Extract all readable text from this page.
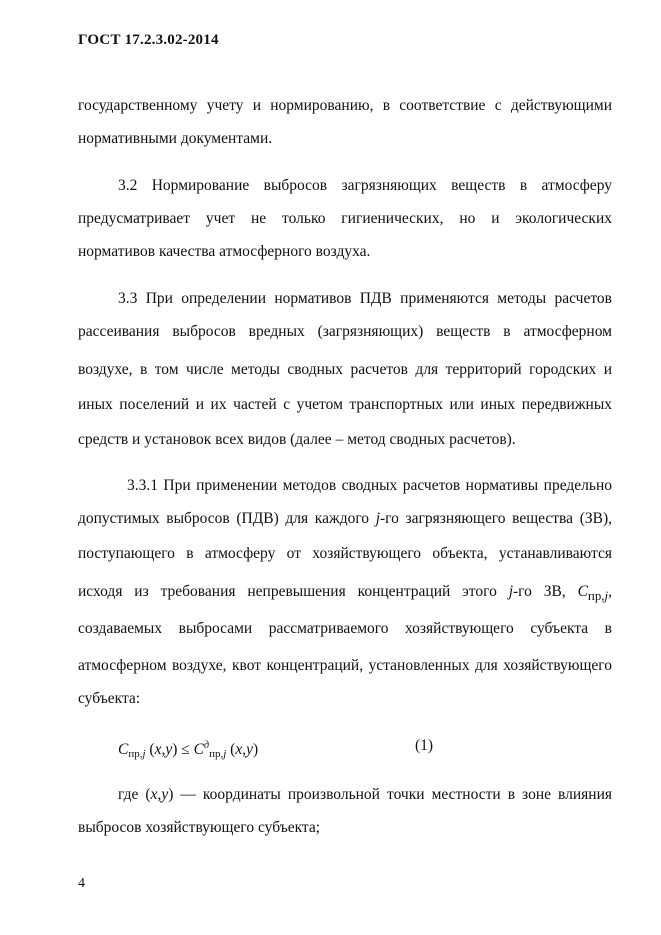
ГОСТ 17.2.3.02-2014
государственному учету и нормированию, в соответствие с действующими
нормативными документами.
3.2 Нормирование выбросов загрязняющих веществ в атмосферу
предусматривает учет не только гигиенических, но и экологических
нормативов качества атмосферного воздуха.
3.3 При определении нормативов ПДВ применяются методы расчетов
рассеивания выбросов вредных (загрязняющих) веществ в атмосферном
воздухе, в том числе методы сводных расчетов для территорий городских и
иных поселений и их частей с учетом транспортных или иных передвижных
средств и установок всех видов (далее – метод сводных расчетов).
3.3.1 При применении методов сводных расчетов нормативы предельно
допустимых выбросов (ПДВ) для каждого j-го загрязняющего вещества (ЗВ),
поступающего в атмосферу от хозяйствующего объекта, устанавливаются
исходя из требования непревышения концентраций этого j-го ЗВ, $C_{пр,j}$,
создаваемых выбросами рассматриваемого хозяйствующего субъекта в
атмосферном воздухе, квот концентраций, установленных для хозяйствующего
субъекта:
$C_{пр,j}$ $(x,y) \le C^д_{пр,j}$ (x,y)	(1)
где (x,y) — координаты произвольной точки местности в зоне влияния
выбросов хозяйствующего субъекта;
4
